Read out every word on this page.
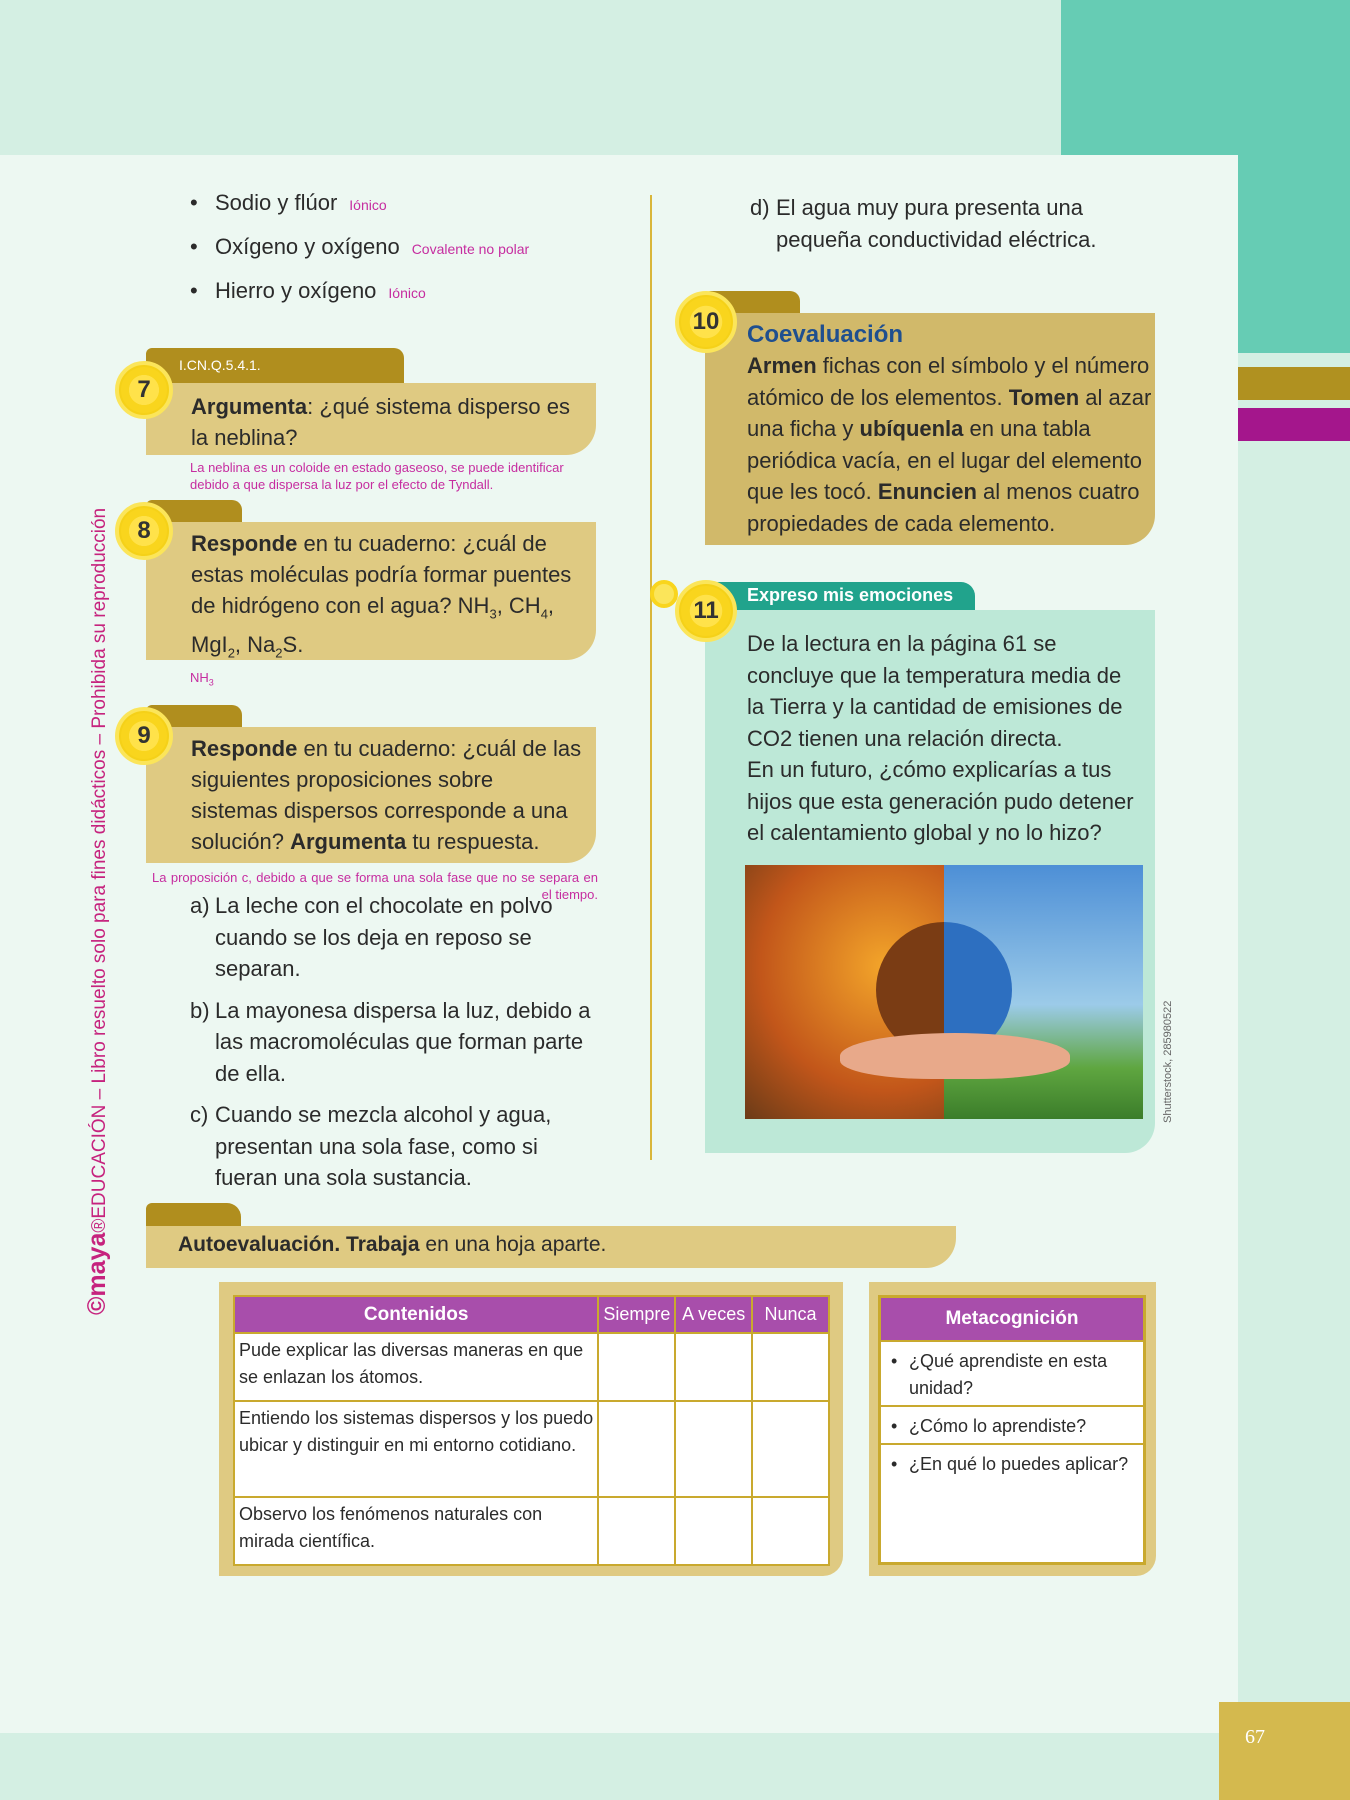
67
©maya®EDUCACIÓN – Libro resuelto solo para fines didácticos – Prohibida su reproducción
• Sodio y flúor Iónico
• Oxígeno y oxígeno Covalente no polar
• Hierro y oxígeno Iónico
I.CN.Q.5.4.1.
Argumenta: ¿qué sistema disperso es la neblina?
7
La neblina es un coloide en estado gaseoso, se puede identificar debido a que dispersa la luz por el efecto de Tyndall.
Responde en tu cuaderno: ¿cuál de estas moléculas podría formar puentes de hidrógeno con el agua? $NH_3$, $CH_4$, MgI$_2$, $Na_2S$.
8
$NH_3$
Responde en tu cuaderno: ¿cuál de las siguientes proposiciones sobre sistemas dispersos corresponde a una solución? Argumenta tu respuesta.
9
La proposición c, debido a que se forma una sola fase que no se separa en el tiempo.
a) La leche con el chocolate en polvo cuando se los deja en reposo se separan.
b) La mayonesa dispersa la luz, debido a las macromoléculas que forman parte de ella.
c) Cuando se mezcla alcohol y agua, presentan una sola fase, como si fueran una sola sustancia.
d) El agua muy pura presenta una pequeña conductividad eléctrica.
Coevaluación

Armen fichas con el símbolo y el número atómico de los elementos. Tomen al azar una ficha y ubíquenla en una tabla periódica vacía, en el lugar del elemento que les tocó. Enuncien al menos cuatro propiedades de cada elemento.

10
Expreso mis emociones

De la lectura en la página 61 se concluye que la temperatura media de la Tierra y la cantidad de emisiones de CO2 tienen una relación directa.

En un futuro, ¿cómo explicarías a tus hijos que esta generación pudo detener el calentamiento global y no lo hizo?

11
Shutterstock, 285980522
Autoevaluación. Trabaja en una hoja aparte.
Contenidos	Siempre	A veces	Nunca
Pude explicar las diversas maneras en que se enlazan los átomos.			
Entiendo los sistemas dispersos y los puedo ubicar y distinguir en mi entorno cotidiano.			
Observo los fenómenos naturales con mirada científica.			
Metacognición
• ¿Qué aprendiste en esta unidad?
• ¿Cómo lo aprendiste?
• ¿En qué lo puedes aplicar?
